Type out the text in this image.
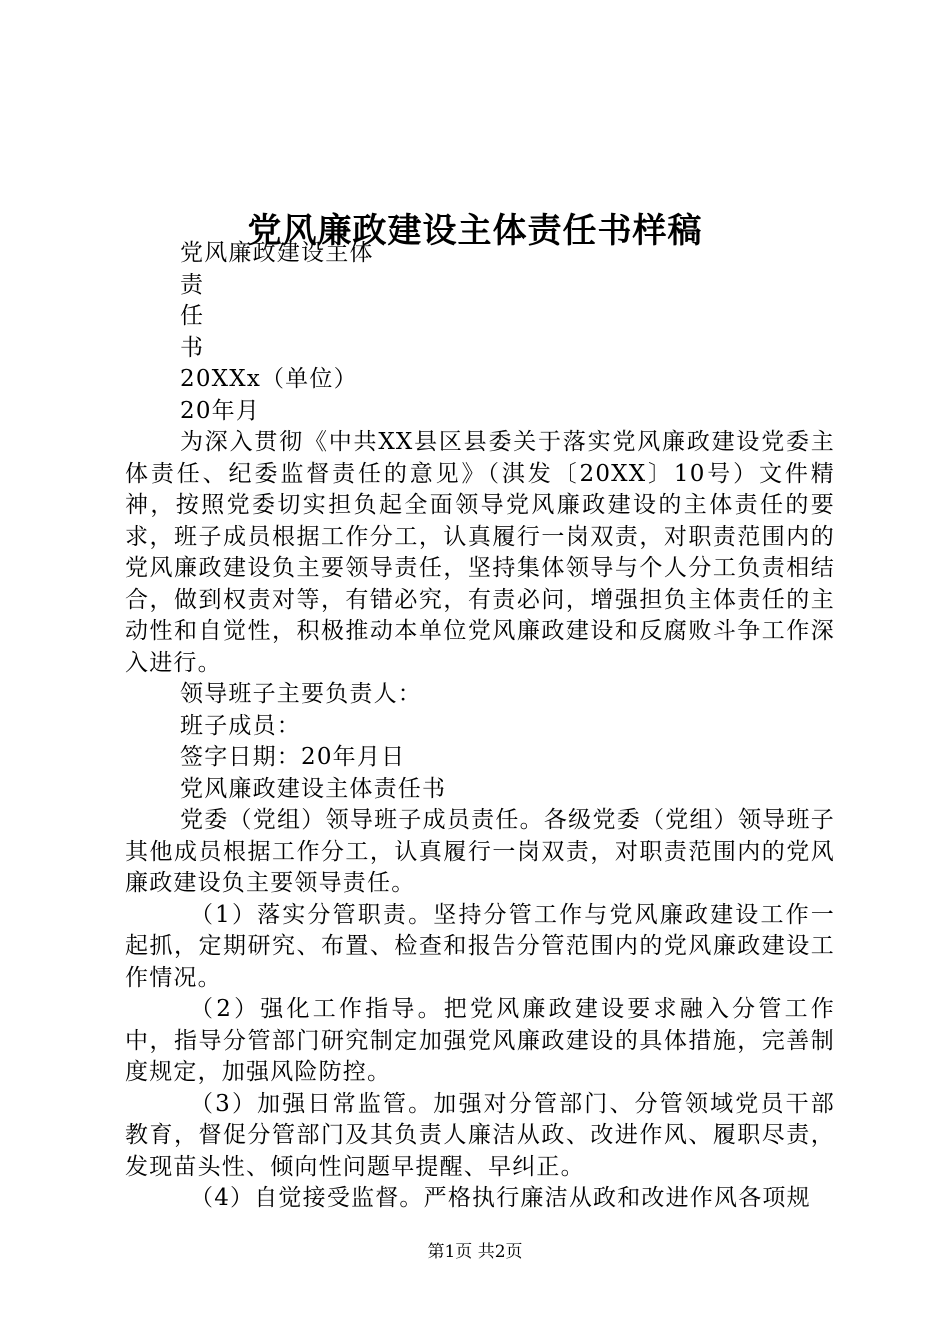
党风廉政建设主体责任书样稿

党风廉政建设主体

责

任

书

20XXx（单位）

20年月

为深入贯彻《中共XX县区县委关于落实党风廉政建设党委主体责任、纪委监督责任的意见》（淇发〔20XX〕10号）文件精神，按照党委切实担负起全面领导党风廉政建设的主体责任的要求，班子成员根据工作分工，认真履行一岗双责，对职责范围内的党风廉政建设负主要领导责任，坚持集体领导与个人分工负责相结合，做到权责对等，有错必究，有责必问，增强担负主体责任的主动性和自觉性，积极推动本单位党风廉政建设和反腐败斗争工作深入进行。

领导班子主要负责人：

班子成员：

签字日期：20年月日

党风廉政建设主体责任书

党委（党组）领导班子成员责任。各级党委（党组）领导班子其他成员根据工作分工，认真履行一岗双责，对职责范围内的党风廉政建设负主要领导责任。

（1）落实分管职责。坚持分管工作与党风廉政建设工作一起抓，定期研究、布置、检查和报告分管范围内的党风廉政建设工作情况。

（2）强化工作指导。把党风廉政建设要求融入分管工作中，指导分管部门研究制定加强党风廉政建设的具体措施，完善制度规定，加强风险防控。

（3）加强日常监管。加强对分管部门、分管领域党员干部教育，督促分管部门及其负责人廉洁从政、改进作风、履职尽责，发现苗头性、倾向性问题早提醒、早纠正。

（4）自觉接受监督。严格执行廉洁从政和改进作风各项规

第1页 共2页
